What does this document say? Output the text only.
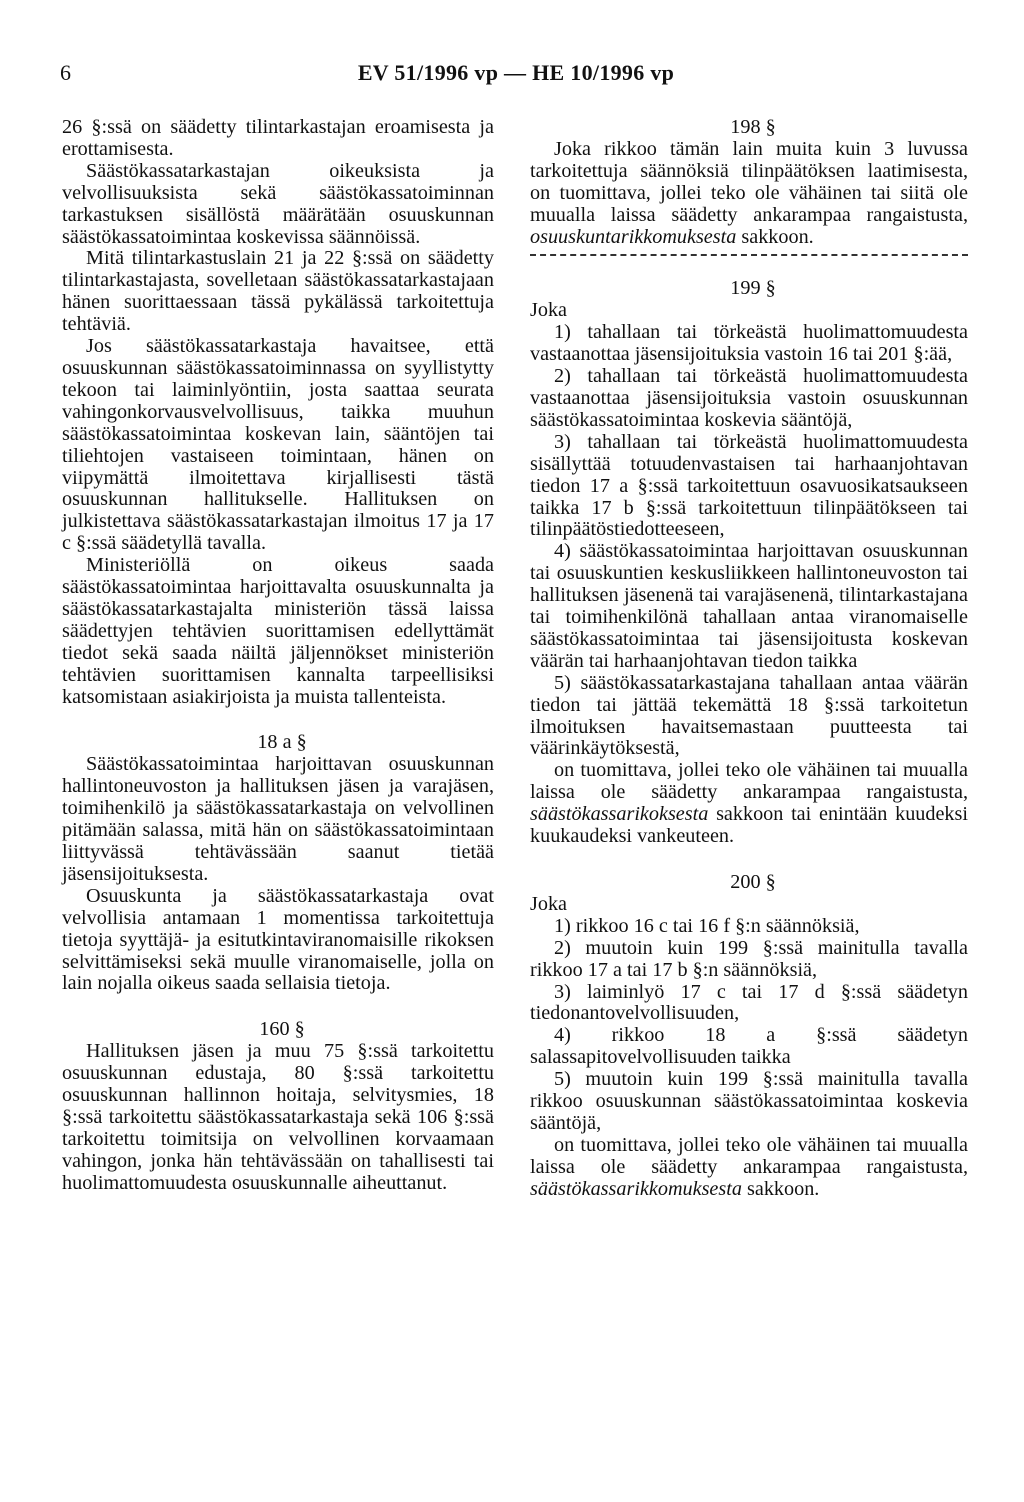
6	EV 51/1996 vp — HE 10/1996 vp

26 §:ssä on säädetty tilintarkastajan eroamisesta ja erottamisesta.

Säästökassatarkastajan oikeuksista ja velvollisuuksista sekä säästökassatoiminnan tarkastuksen sisällöstä määrätään osuuskunnan säästökassatoimintaa koskevissa säännöissä.

Mitä tilintarkastuslain 21 ja 22 §:ssä on säädetty tilintarkastajasta, sovelletaan säästökassatarkastajaan hänen suorittaessaan tässä pykälässä tarkoitettuja tehtäviä.

Jos säästökassatarkastaja havaitsee, että osuuskunnan säästökassatoiminnassa on syyllistytty tekoon tai laiminlyöntiin, josta saattaa seurata vahingonkorvausvelvollisuus, taikka muuhun säästökassatoimintaa koskevan lain, sääntöjen tai tiliehtojen vastaiseen toimintaan, hänen on viipymättä ilmoitettava kirjallisesti tästä osuuskunnan hallitukselle. Hallituksen on julkistettava säästökassatarkastajan ilmoitus 17 ja 17 c §:ssä säädetyllä tavalla.

Ministeriöllä on oikeus saada säästökassatoimintaa harjoittavalta osuuskunnalta ja säästökassatarkastajalta ministeriön tässä laissa säädettyjen tehtävien suorittamisen edellyttämät tiedot sekä saada näiltä jäljennökset ministeriön tehtävien suorittamisen kannalta tarpeellisiksi katsomistaan asiakirjoista ja muista tallenteista.

18 a §

Säästökassatoimintaa harjoittavan osuuskunnan hallintoneuvoston ja hallituksen jäsen ja varajäsen, toimihenkilö ja säästökassatarkastaja on velvollinen pitämään salassa, mitä hän on säästökassatoimintaan liittyvässä tehtävässään saanut tietää jäsensijoituksesta.

Osuuskunta ja säästökassatarkastaja ovat velvollisia antamaan 1 momentissa tarkoitettuja tietoja syyttäjä- ja esitutkintaviranomaisille rikoksen selvittämiseksi sekä muulle viranomaiselle, jolla on lain nojalla oikeus saada sellaisia tietoja.

160 §

Hallituksen jäsen ja muu 75 §:ssä tarkoitettu osuuskunnan edustaja, 80 §:ssä tarkoitettu osuuskunnan hallinnon hoitaja, selvitysmies, 18 §:ssä tarkoitettu säästökassatarkastaja sekä 106 §:ssä tarkoitettu toimitsija on velvollinen korvaamaan vahingon, jonka hän tehtävässään on tahallisesti tai huolimattomuudesta osuuskunnalle aiheuttanut.

198 §

Joka rikkoo tämän lain muita kuin 3 luvussa tarkoitettuja säännöksiä tilinpäätöksen laatimisesta, on tuomittava, jollei teko ole vähäinen tai siitä ole muualla laissa säädetty ankarampaa rangaistusta, osuuskuntarikkomuksesta sakkoon.

199 §

Joka

1) tahallaan tai törkeästä huolimattomuudesta vastaanottaa jäsensijoituksia vastoin 16 tai 201 §:ää,

2) tahallaan tai törkeästä huolimattomuudesta vastaanottaa jäsensijoituksia vastoin osuuskunnan säästökassatoimintaa koskevia sääntöjä,

3) tahallaan tai törkeästä huolimattomuudesta sisällyttää totuudenvastaisen tai harhaanjohtavan tiedon 17 a §:ssä tarkoitettuun osavuosikatsaukseen taikka 17 b §:ssä tarkoitettuun tilinpäätökseen tai tilinpäätöstiedotteeseen,

4) säästökassatoimintaa harjoittavan osuuskunnan tai osuuskuntien keskusliikkeen hallintoneuvoston tai hallituksen jäsenenä tai varajäsenenä, tilintarkastajana tai toimihenkilönä tahallaan antaa viranomaiselle säästökassatoimintaa tai jäsensijoitusta koskevan väärän tai harhaanjohtavan tiedon taikka

5) säästökassatarkastajana tahallaan antaa väärän tiedon tai jättää tekemättä 18 §:ssä tarkoitetun ilmoituksen havaitsemastaan puutteesta tai väärinkäytöksestä,

on tuomittava, jollei teko ole vähäinen tai muualla laissa ole säädetty ankarampaa rangaistusta, säästökassarikoksesta sakkoon tai enintään kuudeksi kuukaudeksi vankeuteen.

200 §

Joka

1) rikkoo 16 c tai 16 f §:n säännöksiä,

2) muutoin kuin 199 §:ssä mainitulla tavalla rikkoo 17 a tai 17 b §:n säännöksiä,

3) laiminlyö 17 c tai 17 d §:ssä säädetyn tiedonantovelvollisuuden,

4) rikkoo 18 a §:ssä säädetyn salassapitovelvollisuuden taikka

5) muutoin kuin 199 §:ssä mainitulla tavalla rikkoo osuuskunnan säästökassatoimintaa koskevia sääntöjä,

on tuomittava, jollei teko ole vähäinen tai muualla laissa ole säädetty ankarampaa rangaistusta, säästökassarikkomuksesta sakkoon.
